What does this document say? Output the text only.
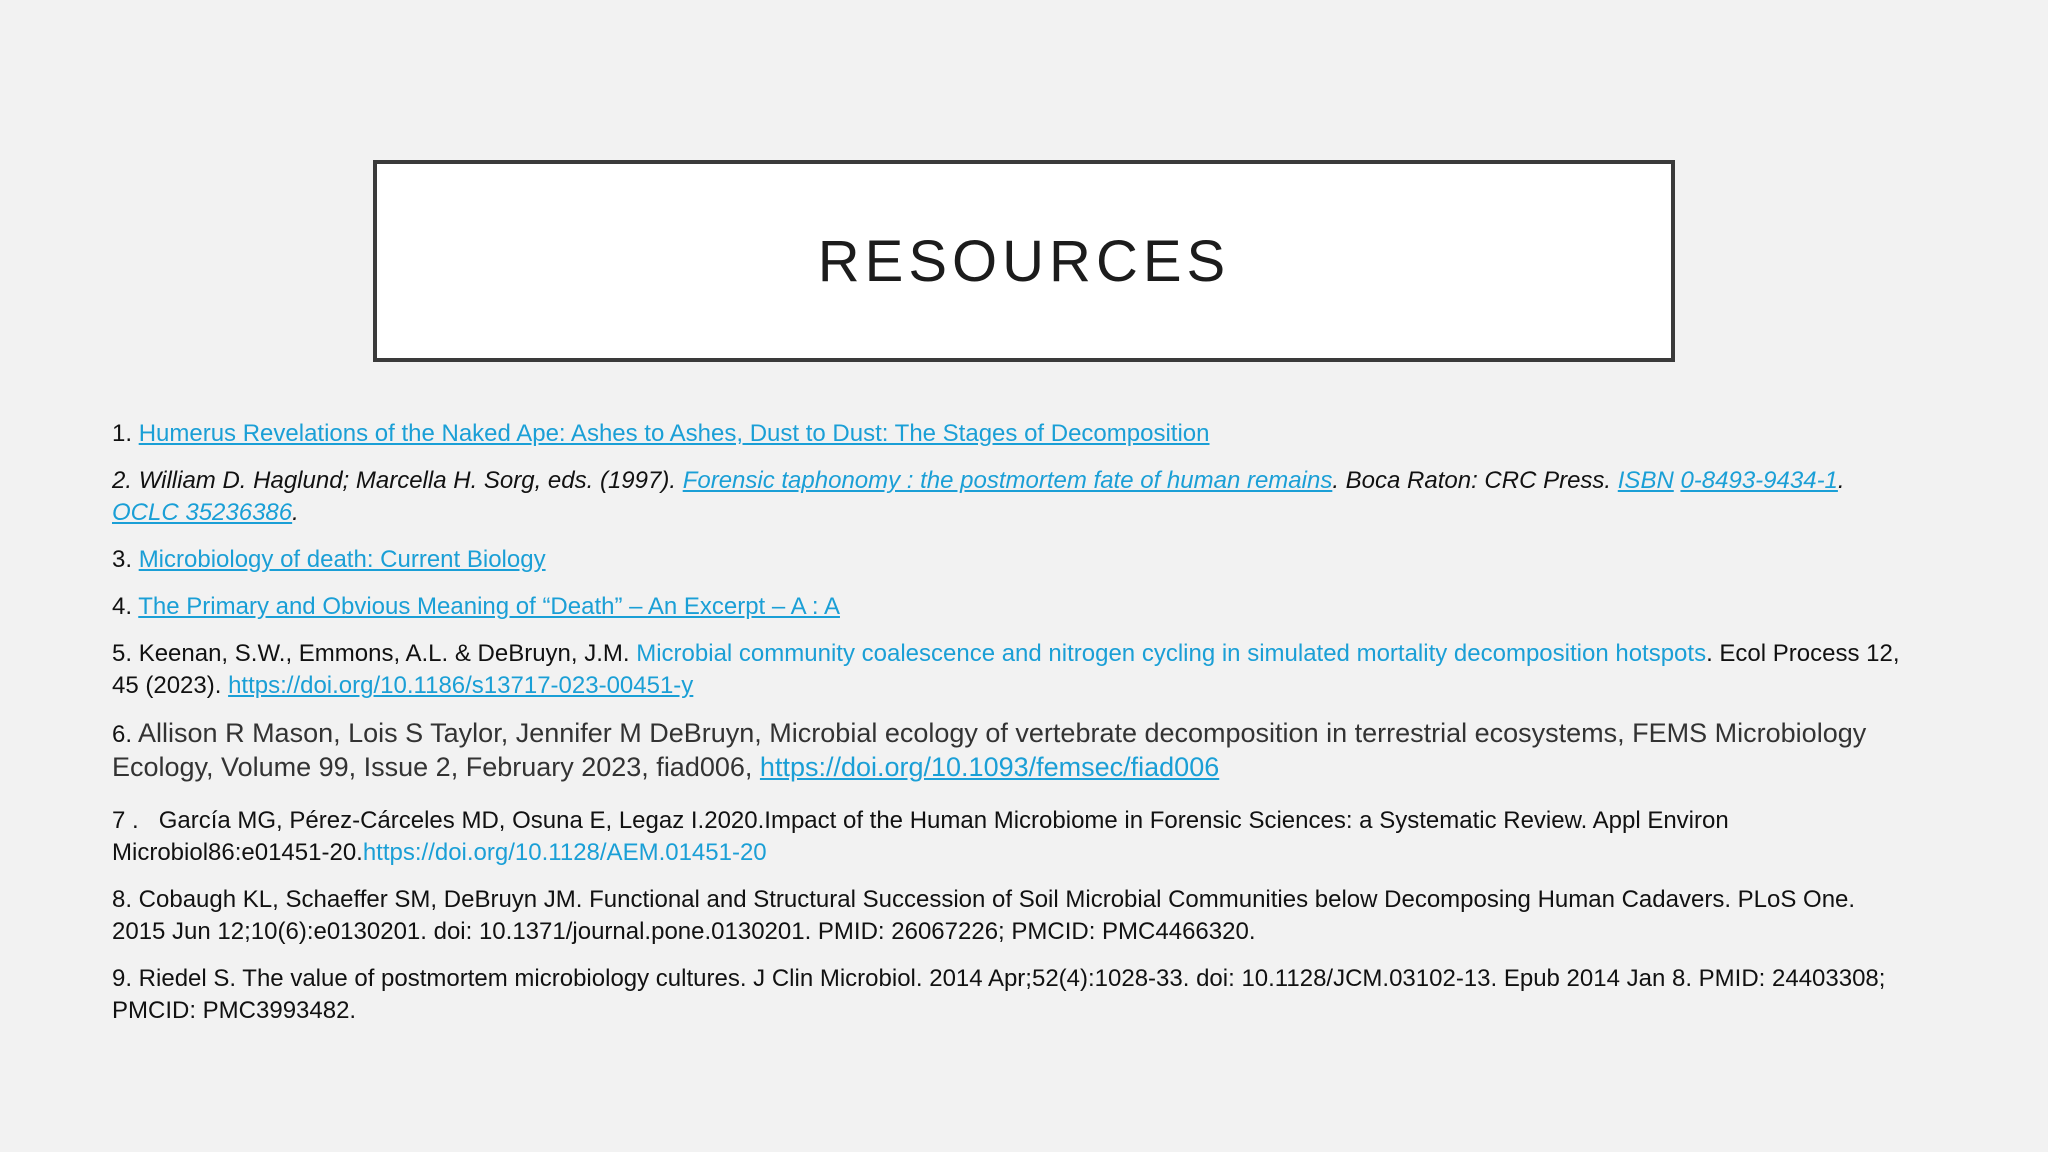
RESOURCES
1. Humerus Revelations of the Naked Ape: Ashes to Ashes, Dust to Dust: The Stages of Decomposition
2. William D. Haglund; Marcella H. Sorg, eds. (1997). Forensic taphonomy : the postmortem fate of human remains. Boca Raton: CRC Press. ISBN 0-8493-9434-1. OCLC 35236386.
3. Microbiology of death: Current Biology
4. The Primary and Obvious Meaning of “Death” – An Excerpt – A : A
5. Keenan, S.W., Emmons, A.L. & DeBruyn, J.M. Microbial community coalescence and nitrogen cycling in simulated mortality decomposition hotspots. Ecol Process 12, 45 (2023). https://doi.org/10.1186/s13717-023-00451-y
6. Allison R Mason, Lois S Taylor, Jennifer M DeBruyn, Microbial ecology of vertebrate decomposition in terrestrial ecosystems, FEMS Microbiology Ecology, Volume 99, Issue 2, February 2023, fiad006, https://doi.org/10.1093/femsec/fiad006
7 . García MG, Pérez-Cárceles MD, Osuna E, Legaz I.2020.Impact of the Human Microbiome in Forensic Sciences: a Systematic Review. Appl Environ Microbiol86:e01451-20.https://doi.org/10.1128/AEM.01451-20
8. Cobaugh KL, Schaeffer SM, DeBruyn JM. Functional and Structural Succession of Soil Microbial Communities below Decomposing Human Cadavers. PLoS One. 2015 Jun 12;10(6):e0130201. doi: 10.1371/journal.pone.0130201. PMID: 26067226; PMCID: PMC4466320.
9. Riedel S. The value of postmortem microbiology cultures. J Clin Microbiol. 2014 Apr;52(4):1028-33. doi: 10.1128/JCM.03102-13. Epub 2014 Jan 8. PMID: 24403308; PMCID: PMC3993482.
